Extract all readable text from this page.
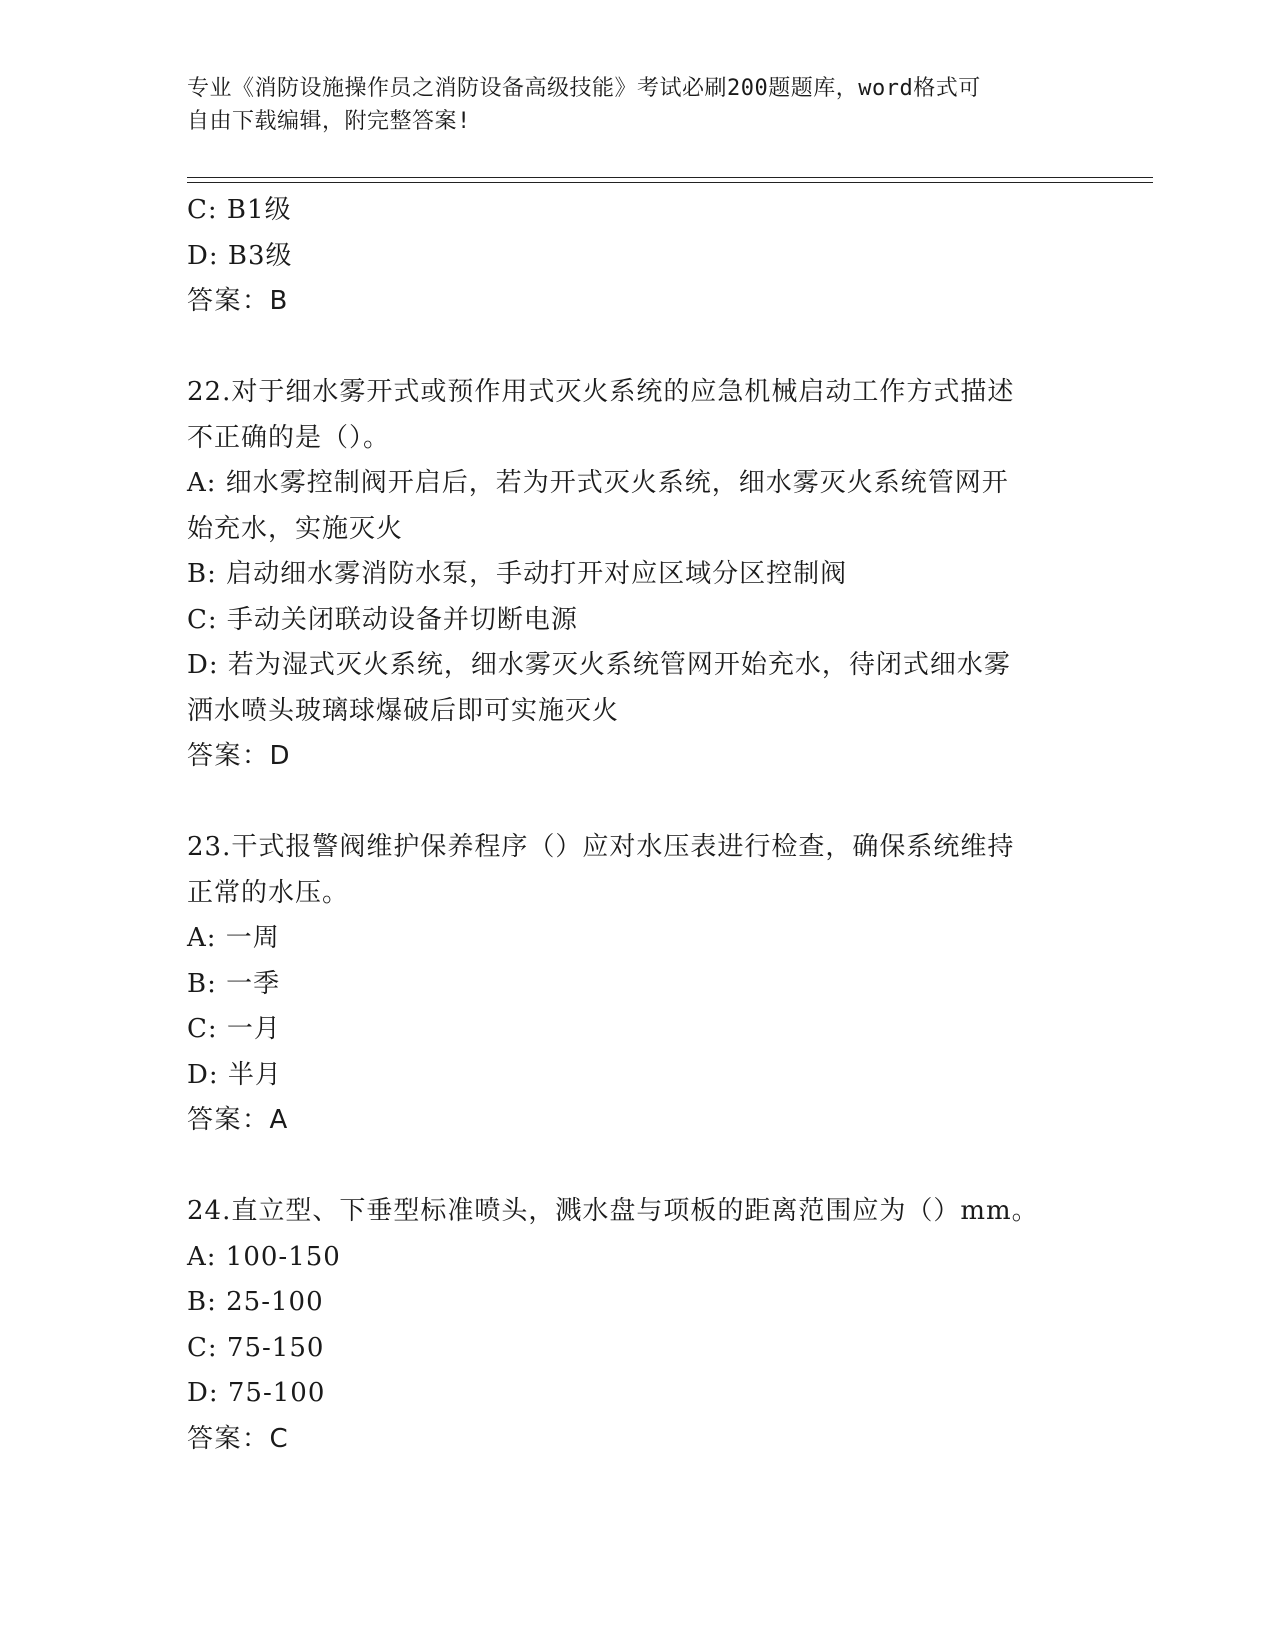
专业《消防设施操作员之消防设备高级技能》考试必刷200题题库，word格式可
自由下载编辑，附完整答案!
C: B1级
D: B3级
答案：B
22.对于细水雾开式或预作用式灭火系统的应急机械启动工作方式描述
不正确的是（）。
A: 细水雾控制阀开启后，若为开式灭火系统，细水雾灭火系统管网开
始充水，实施灭火
B: 启动细水雾消防水泵，手动打开对应区域分区控制阀
C: 手动关闭联动设备并切断电源
D: 若为湿式灭火系统，细水雾灭火系统管网开始充水，待闭式细水雾
洒水喷头玻璃球爆破后即可实施灭火
答案：D
23.干式报警阀维护保养程序（）应对水压表进行检查，确保系统维持
正常的水压。
A: 一周
B: 一季
C: 一月
D: 半月
答案：A
24.直立型、下垂型标准喷头，溅水盘与项板的距离范围应为（）mm。
A: 100-150
B: 25-100
C: 75-150
D: 75-100
答案：C
